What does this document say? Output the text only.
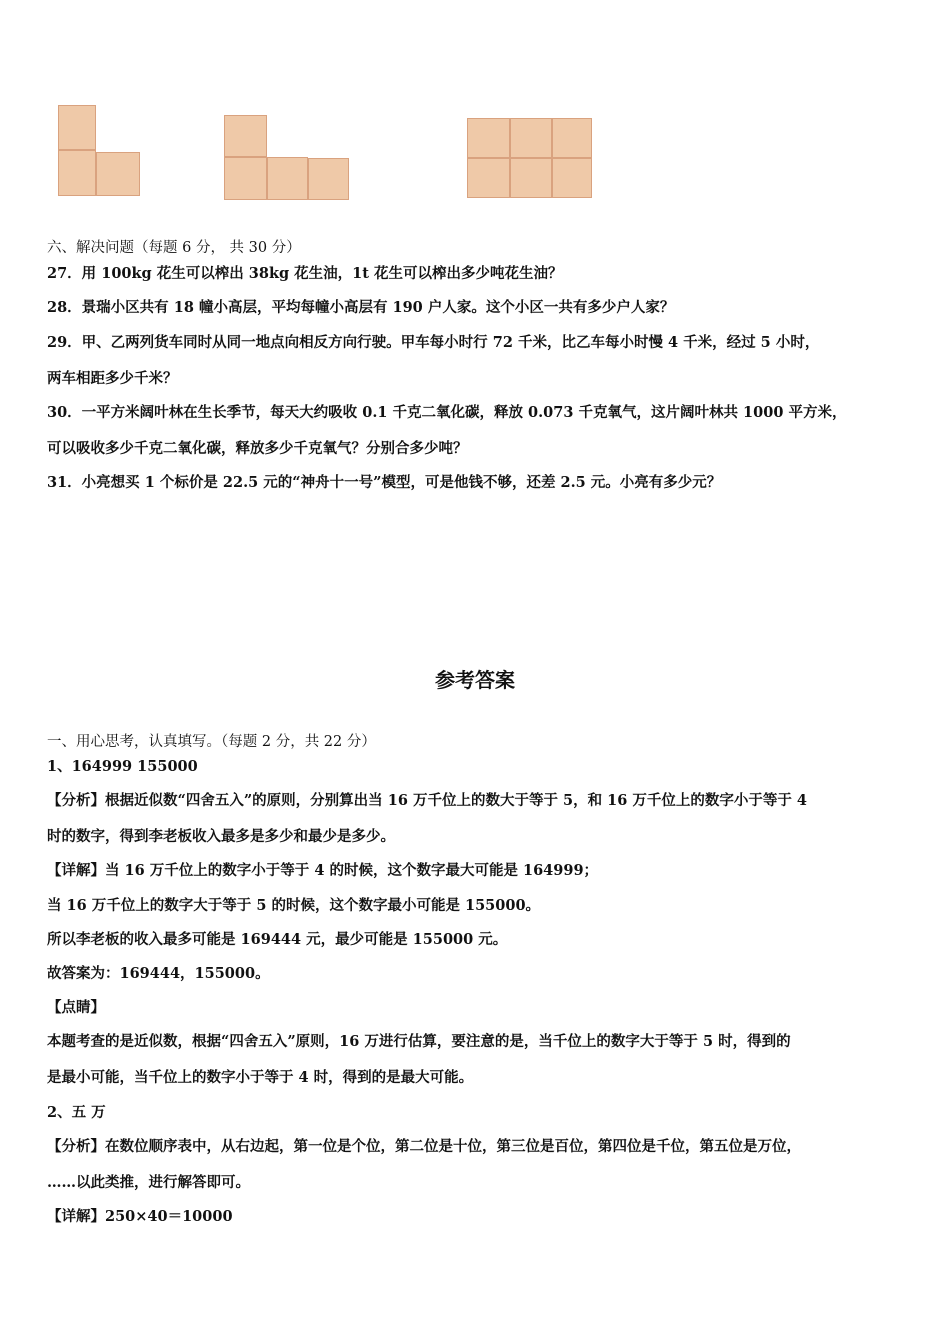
六、解决问题（每题 6 分， 共 30 分）
27．用 100kg 花生可以榨出 38kg 花生油，1t 花生可以榨出多少吨花生油？
28．景瑞小区共有 18 幢小高层，平均每幢小高层有 190 户人家。这个小区一共有多少户人家？
29．甲、乙两列货车同时从同一地点向相反方向行驶。甲车每小时行 72 千米，比乙车每小时慢 4 千米，经过 5 小时，
两车相距多少千米？
30．一平方米阔叶林在生长季节，每天大约吸收 0.1 千克二氧化碳，释放 0.073 千克氧气，这片阔叶林共 1000 平方米，
可以吸收多少千克二氧化碳，释放多少千克氧气？分别合多少吨？
31．小亮想买 1 个标价是 22.5 元的“神舟十一号”模型，可是他钱不够，还差 2.5 元。小亮有多少元？
参考答案
一、用心思考，认真填写。（每题 2 分，共 22 分）
1、164999 155000
【分析】根据近似数“四舍五入”的原则，分别算出当 16 万千位上的数大于等于 5，和 16 万千位上的数字小于等于 4
时的数字，得到李老板收入最多是多少和最少是多少。
【详解】当 16 万千位上的数字小于等于 4 的时候，这个数字最大可能是 164999；
当 16 万千位上的数字大于等于 5 的时候，这个数字最小可能是 155000。
所以李老板的收入最多可能是 169444 元，最少可能是 155000 元。
故答案为：169444，155000。
【点睛】
本题考查的是近似数，根据“四舍五入”原则，16 万进行估算，要注意的是，当千位上的数字大于等于 5 时，得到的
是最小可能，当千位上的数字小于等于 4 时，得到的是最大可能。
2、五 万
【分析】在数位顺序表中，从右边起，第一位是个位，第二位是十位，第三位是百位，第四位是千位，第五位是万位，
……以此类推，进行解答即可。
【详解】250×40＝10000
